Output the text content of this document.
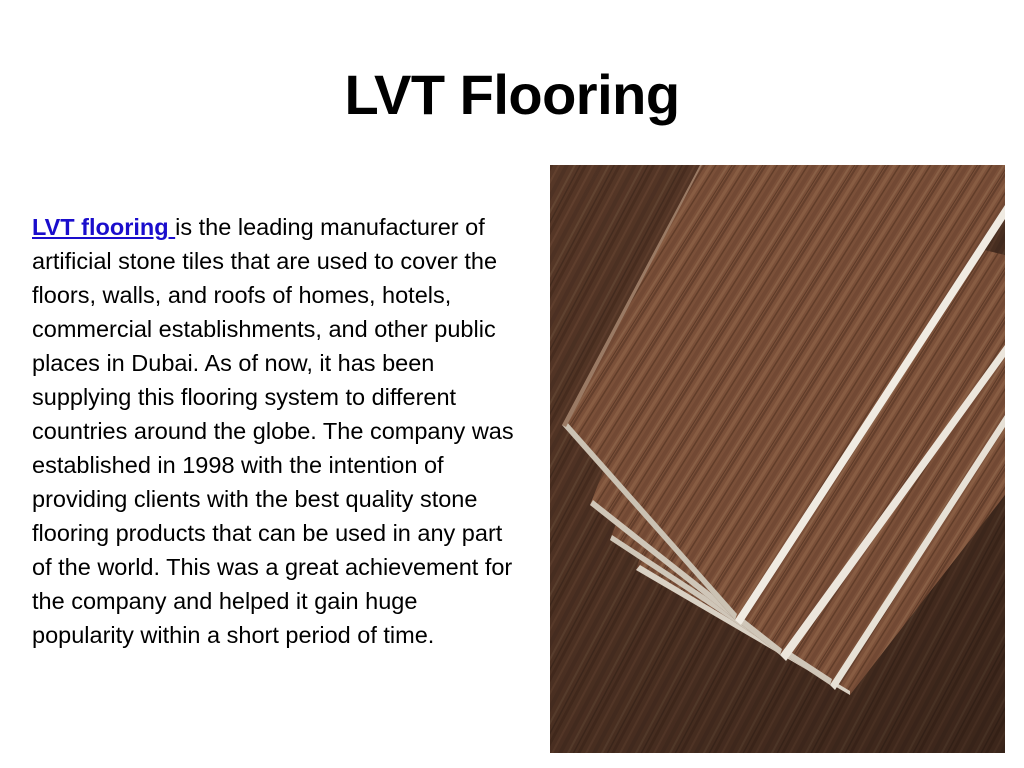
LVT Flooring
LVT flooring is the leading manufacturer of artificial stone tiles that are used to cover the floors, walls, and roofs of homes, hotels, commercial establishments, and other public places in Dubai. As of now, it has been supplying this flooring system to different countries around the globe. The company was established in 1998 with the intention of providing clients with the best quality stone flooring products that can be used in any part of the world. This was a great achievement for the company and helped it gain huge popularity within a short period of time.
